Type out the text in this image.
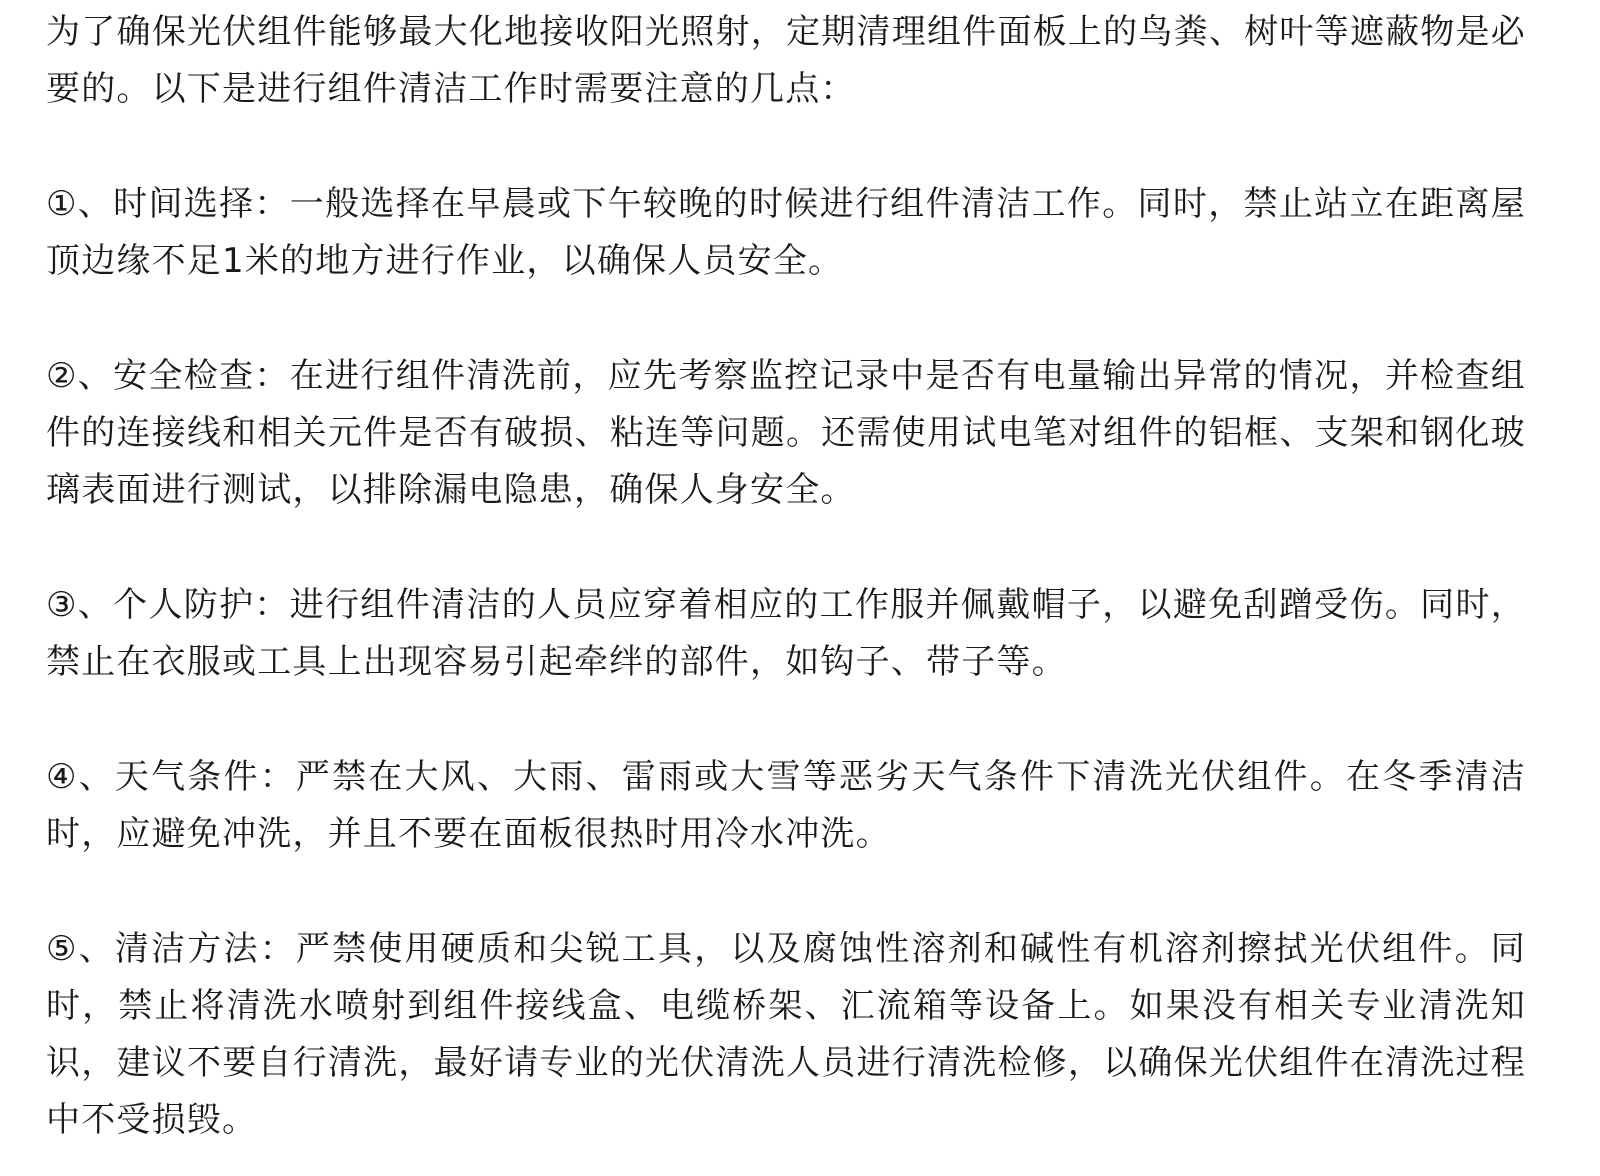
为了确保光伏组件能够最大化地接收阳光照射，定期清理组件面板上的鸟粪、树叶等遮蔽物是必要的。以下是进行组件清洁工作时需要注意的几点：

①、时间选择：一般选择在早晨或下午较晚的时候进行组件清洁工作。同时，禁止站立在距离屋顶边缘不足1米的地方进行作业，以确保人员安全。

②、安全检查：在进行组件清洗前，应先考察监控记录中是否有电量输出异常的情况，并检查组件的连接线和相关元件是否有破损、粘连等问题。还需使用试电笔对组件的铝框、支架和钢化玻璃表面进行测试，以排除漏电隐患，确保人身安全。

③、个人防护：进行组件清洁的人员应穿着相应的工作服并佩戴帽子，以避免刮蹭受伤。同时，禁止在衣服或工具上出现容易引起牵绊的部件，如钩子、带子等。

④、天气条件：严禁在大风、大雨、雷雨或大雪等恶劣天气条件下清洗光伏组件。在冬季清洁时，应避免冲洗，并且不要在面板很热时用冷水冲洗。

⑤、清洁方法：严禁使用硬质和尖锐工具，以及腐蚀性溶剂和碱性有机溶剂擦拭光伏组件。同时，禁止将清洗水喷射到组件接线盒、电缆桥架、汇流箱等设备上。如果没有相关专业清洗知识，建议不要自行清洗，最好请专业的光伏清洗人员进行清洗检修，以确保光伏组件在清洗过程中不受损毁。
